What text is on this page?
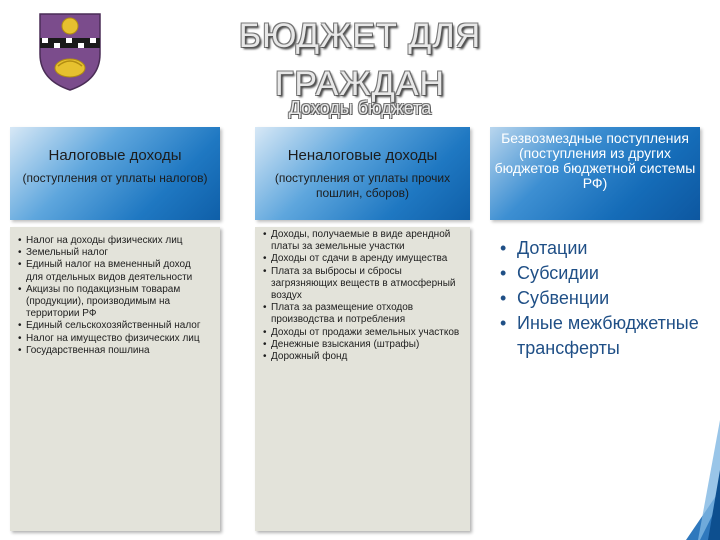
БЮДЖЕТ ДЛЯ ГРАЖДАН
Доходы бюджета
Налоговые доходы
(поступления от уплаты налогов)
Неналоговые доходы
(поступления от уплаты прочих пошлин, сборов)
Безвозмездные поступления (поступления из других бюджетов бюджетной системы РФ)
• Налог на доходы физических лиц
• Земельный налог
• Единый налог на вмененный доход для отдельных видов деятельности
• Акцизы по подакцизным товарам (продукции), производимым на территории РФ
• Единый сельскохозяйственный налог
• Налог на имущество физических лиц
• Государственная пошлина
• Доходы, получаемые в виде арендной платы за земельные участки
• Доходы от сдачи в аренду имущества
• Плата за выбросы и сбросы загрязняющих веществ в атмосферный воздух
• Плата за размещение отходов производства и потребления
• Доходы от продажи земельных участков
• Денежные взыскания (штрафы)
• Дорожный фонд
• Дотации
• Субсидии
• Субвенции
• Иные межбюджетные трансферты
